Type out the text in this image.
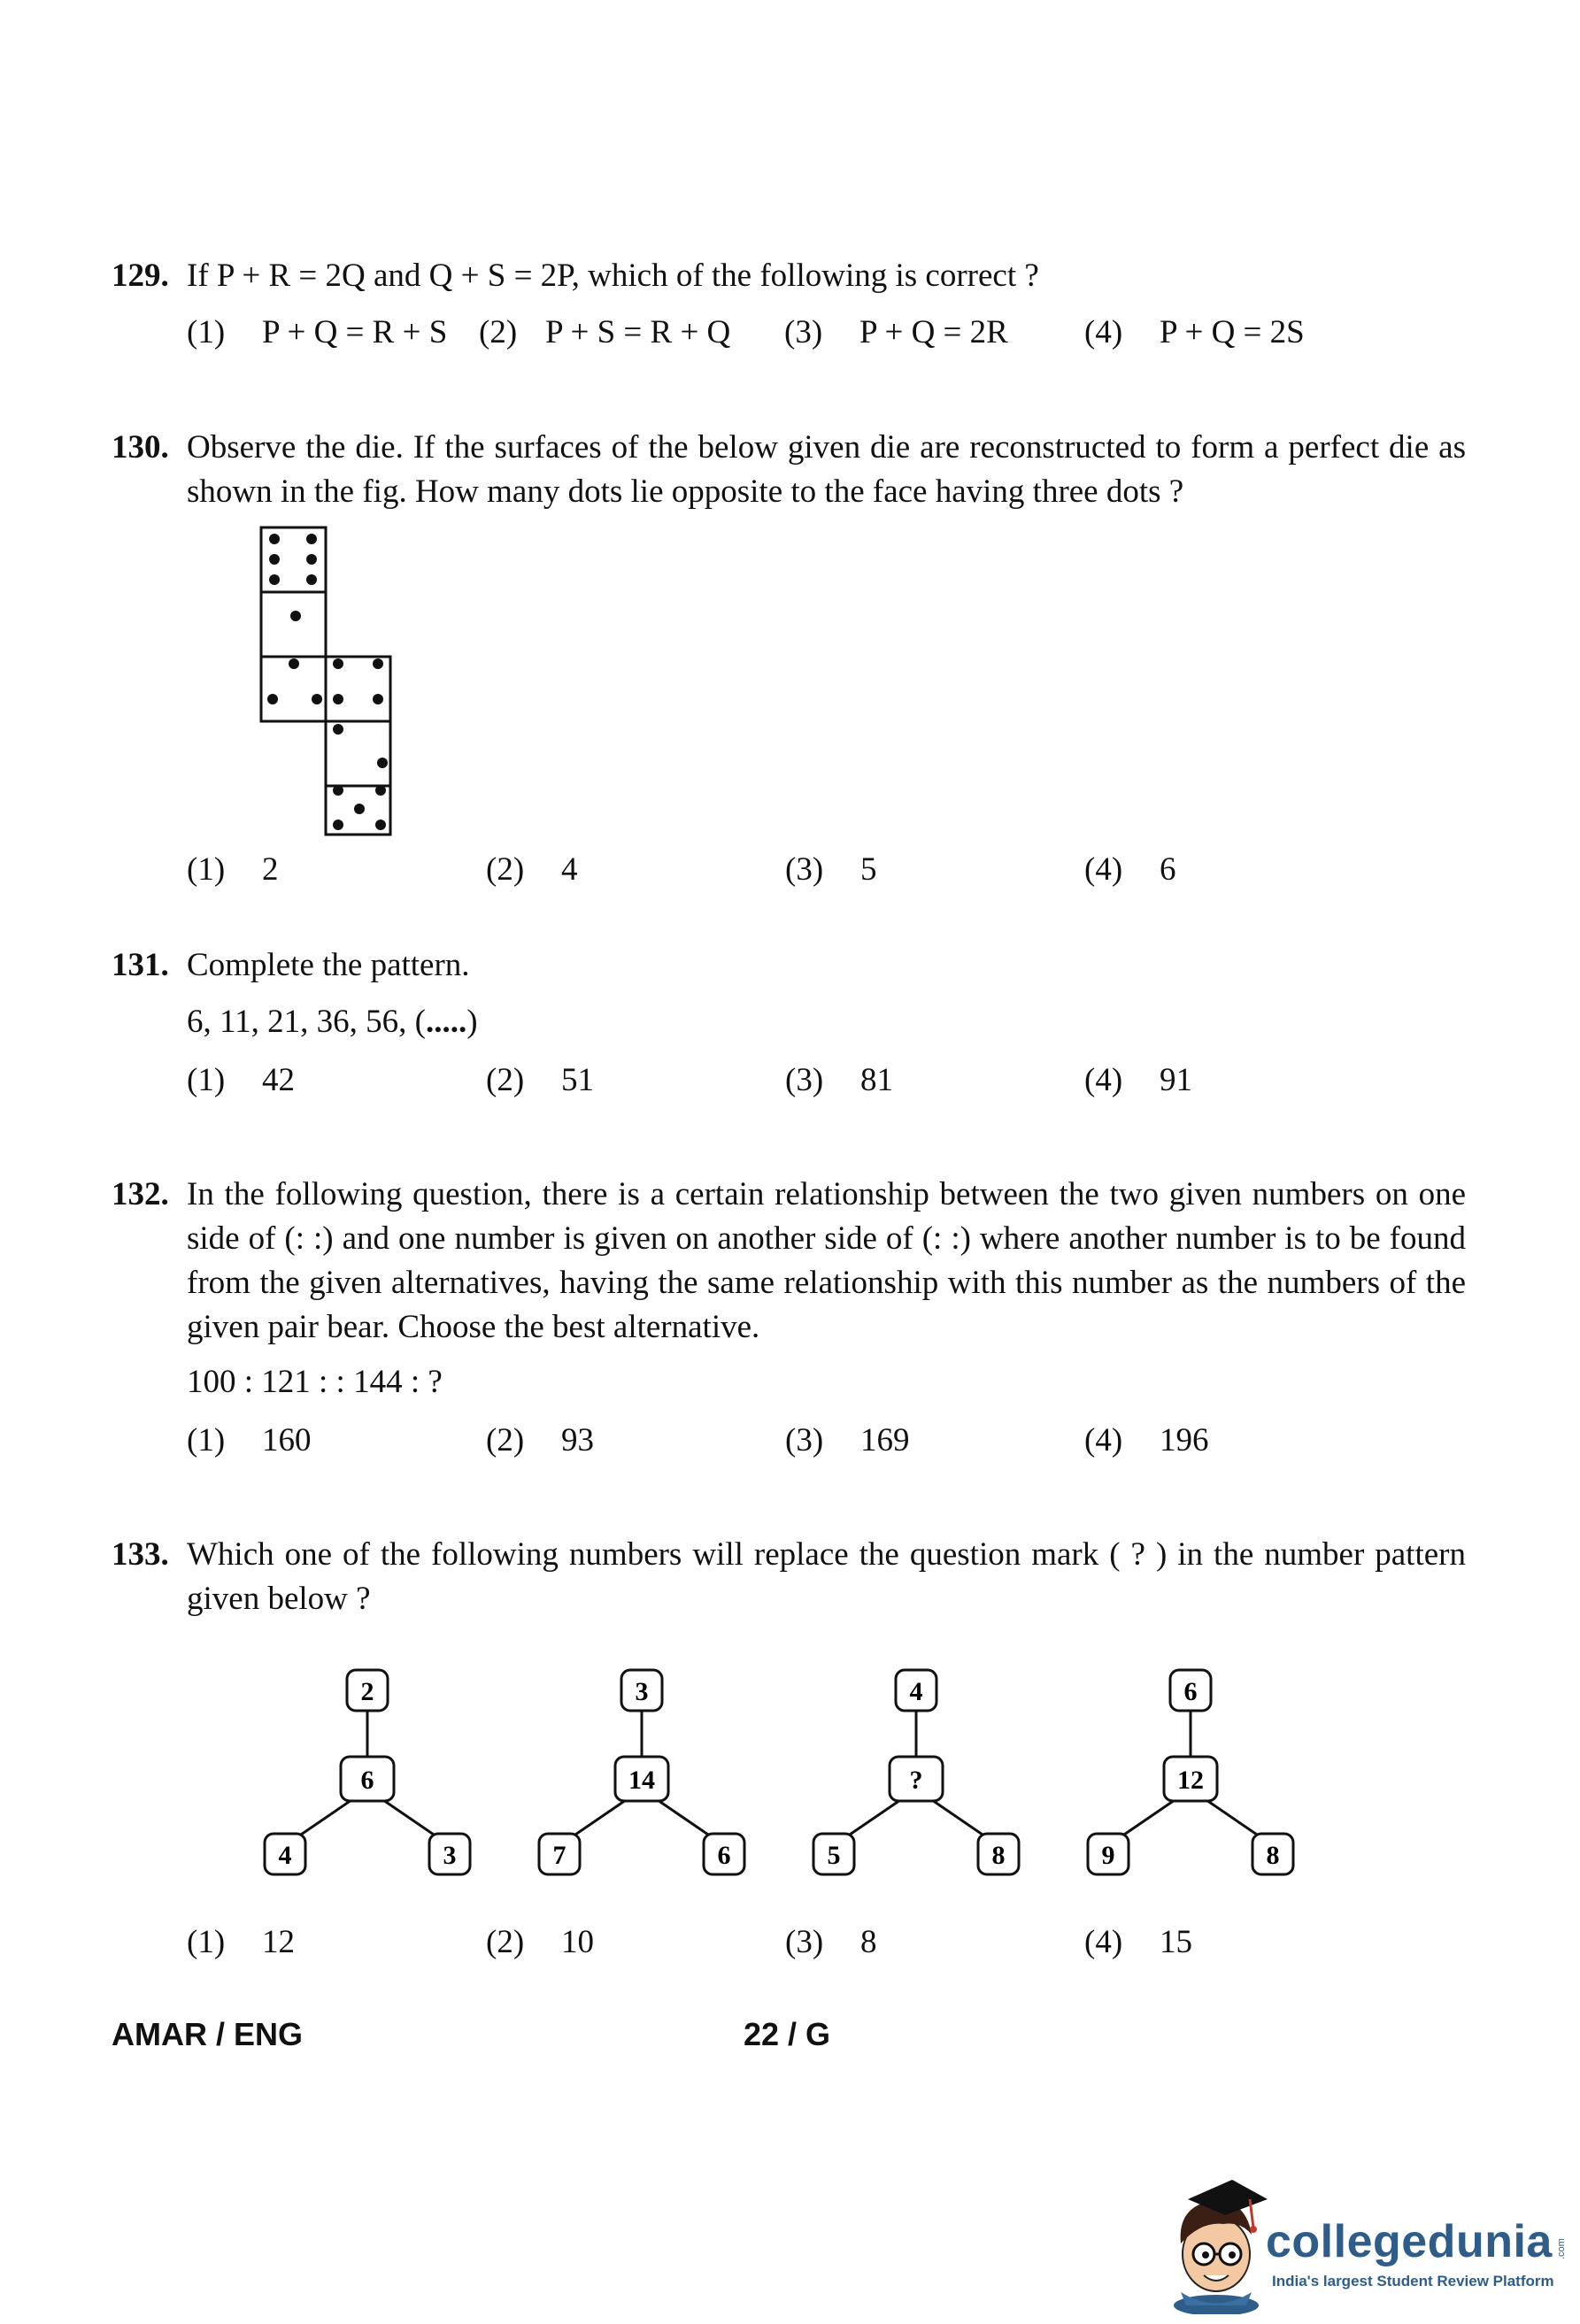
129. If P + R = 2Q and Q + S = 2P, which of the following is correct ?
(1) P + Q = R + S (2) P + S = R + Q (3) P + Q = 2R (4) P + Q = 2S
130. Observe the die. If the surfaces of the below given die are reconstructed to form a perfect die as shown in the fig. How many dots lie opposite to the face having three dots ?
(1) 2	(2) 4	(3) 5	(4) 6
131. Complete the pattern.
6, 11, 21, 36, 56, (.....)
(1) 42	(2) 51	(3) 81	(4) 91
132. In the following question, there is a certain relationship between the two given numbers on one side of (: :) and one number is given on another side of (: :) where another number is to be found from the given alternatives, having the same relationship with this number as the numbers of the given pair bear. Choose the best alternative.
100 : 121 : : 144 : ?
(1) 160	(2) 93	(3) 169	(4) 196
133. Which one of the following numbers will replace the question mark ( ? ) in the number pattern given below ?
2
6
4	3
3
14
7	6
4
?
5	8
6
12
9	8
(1) 12	(2) 10	(3) 8	(4) 15
AMAR / ENG	22 / G
collegedunia .com
India's largest Student Review Platform
